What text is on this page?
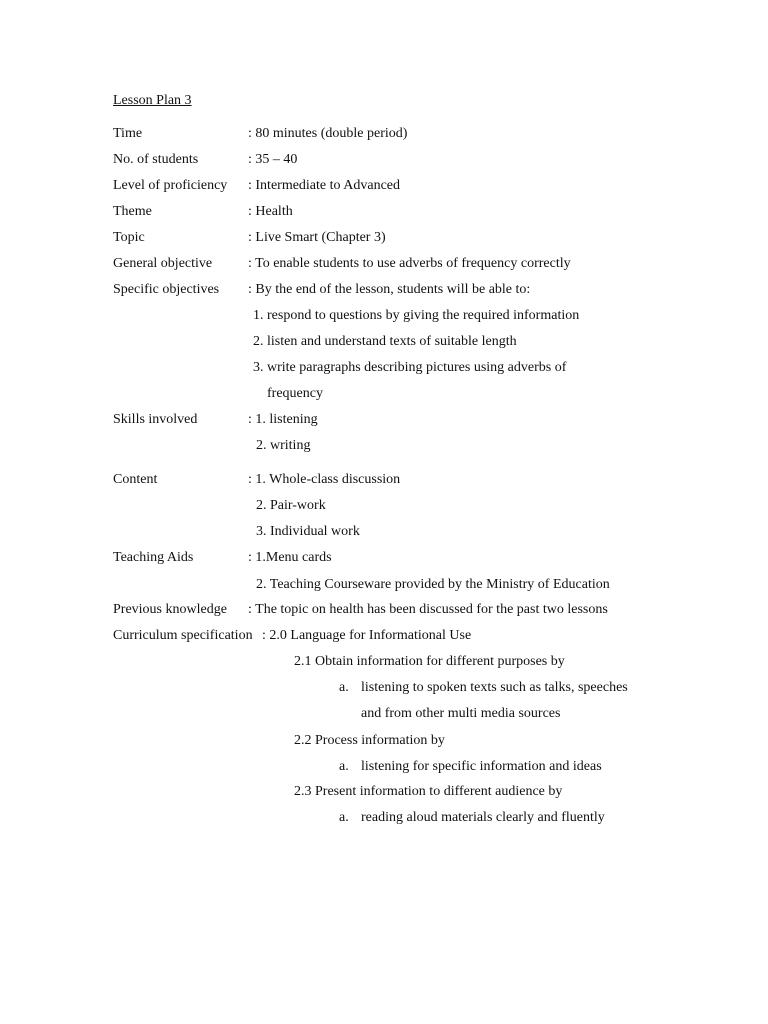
Lesson Plan 3
Time	: 80 minutes (double period)
No. of students	: 35 – 40
Level of proficiency : Intermediate to Advanced
Theme	: Health
Topic	: Live Smart (Chapter 3)
General objective	: To enable students to use adverbs of frequency correctly
Specific objectives : By the end of the lesson, students will be able to:
1. respond to questions by giving the required information
2. listen and understand texts of suitable length
3. write paragraphs describing pictures using adverbs of
frequency
Skills involved	: 1. listening
2. writing
Content	: 1. Whole-class discussion
2. Pair-work
3. Individual work
Teaching Aids	: 1.Menu cards
2. Teaching Courseware provided by the Ministry of Education
Previous knowledge : The topic on health has been discussed for the past two lessons
Curriculum specification : 2.0 Language for Informational Use
2.1 Obtain information for different purposes by
a. listening to spoken texts such as talks, speeches
and from other multi media sources
2.2 Process information by
a. listening for specific information and ideas
2.3 Present information to different audience by
a. reading aloud materials clearly and fluently
